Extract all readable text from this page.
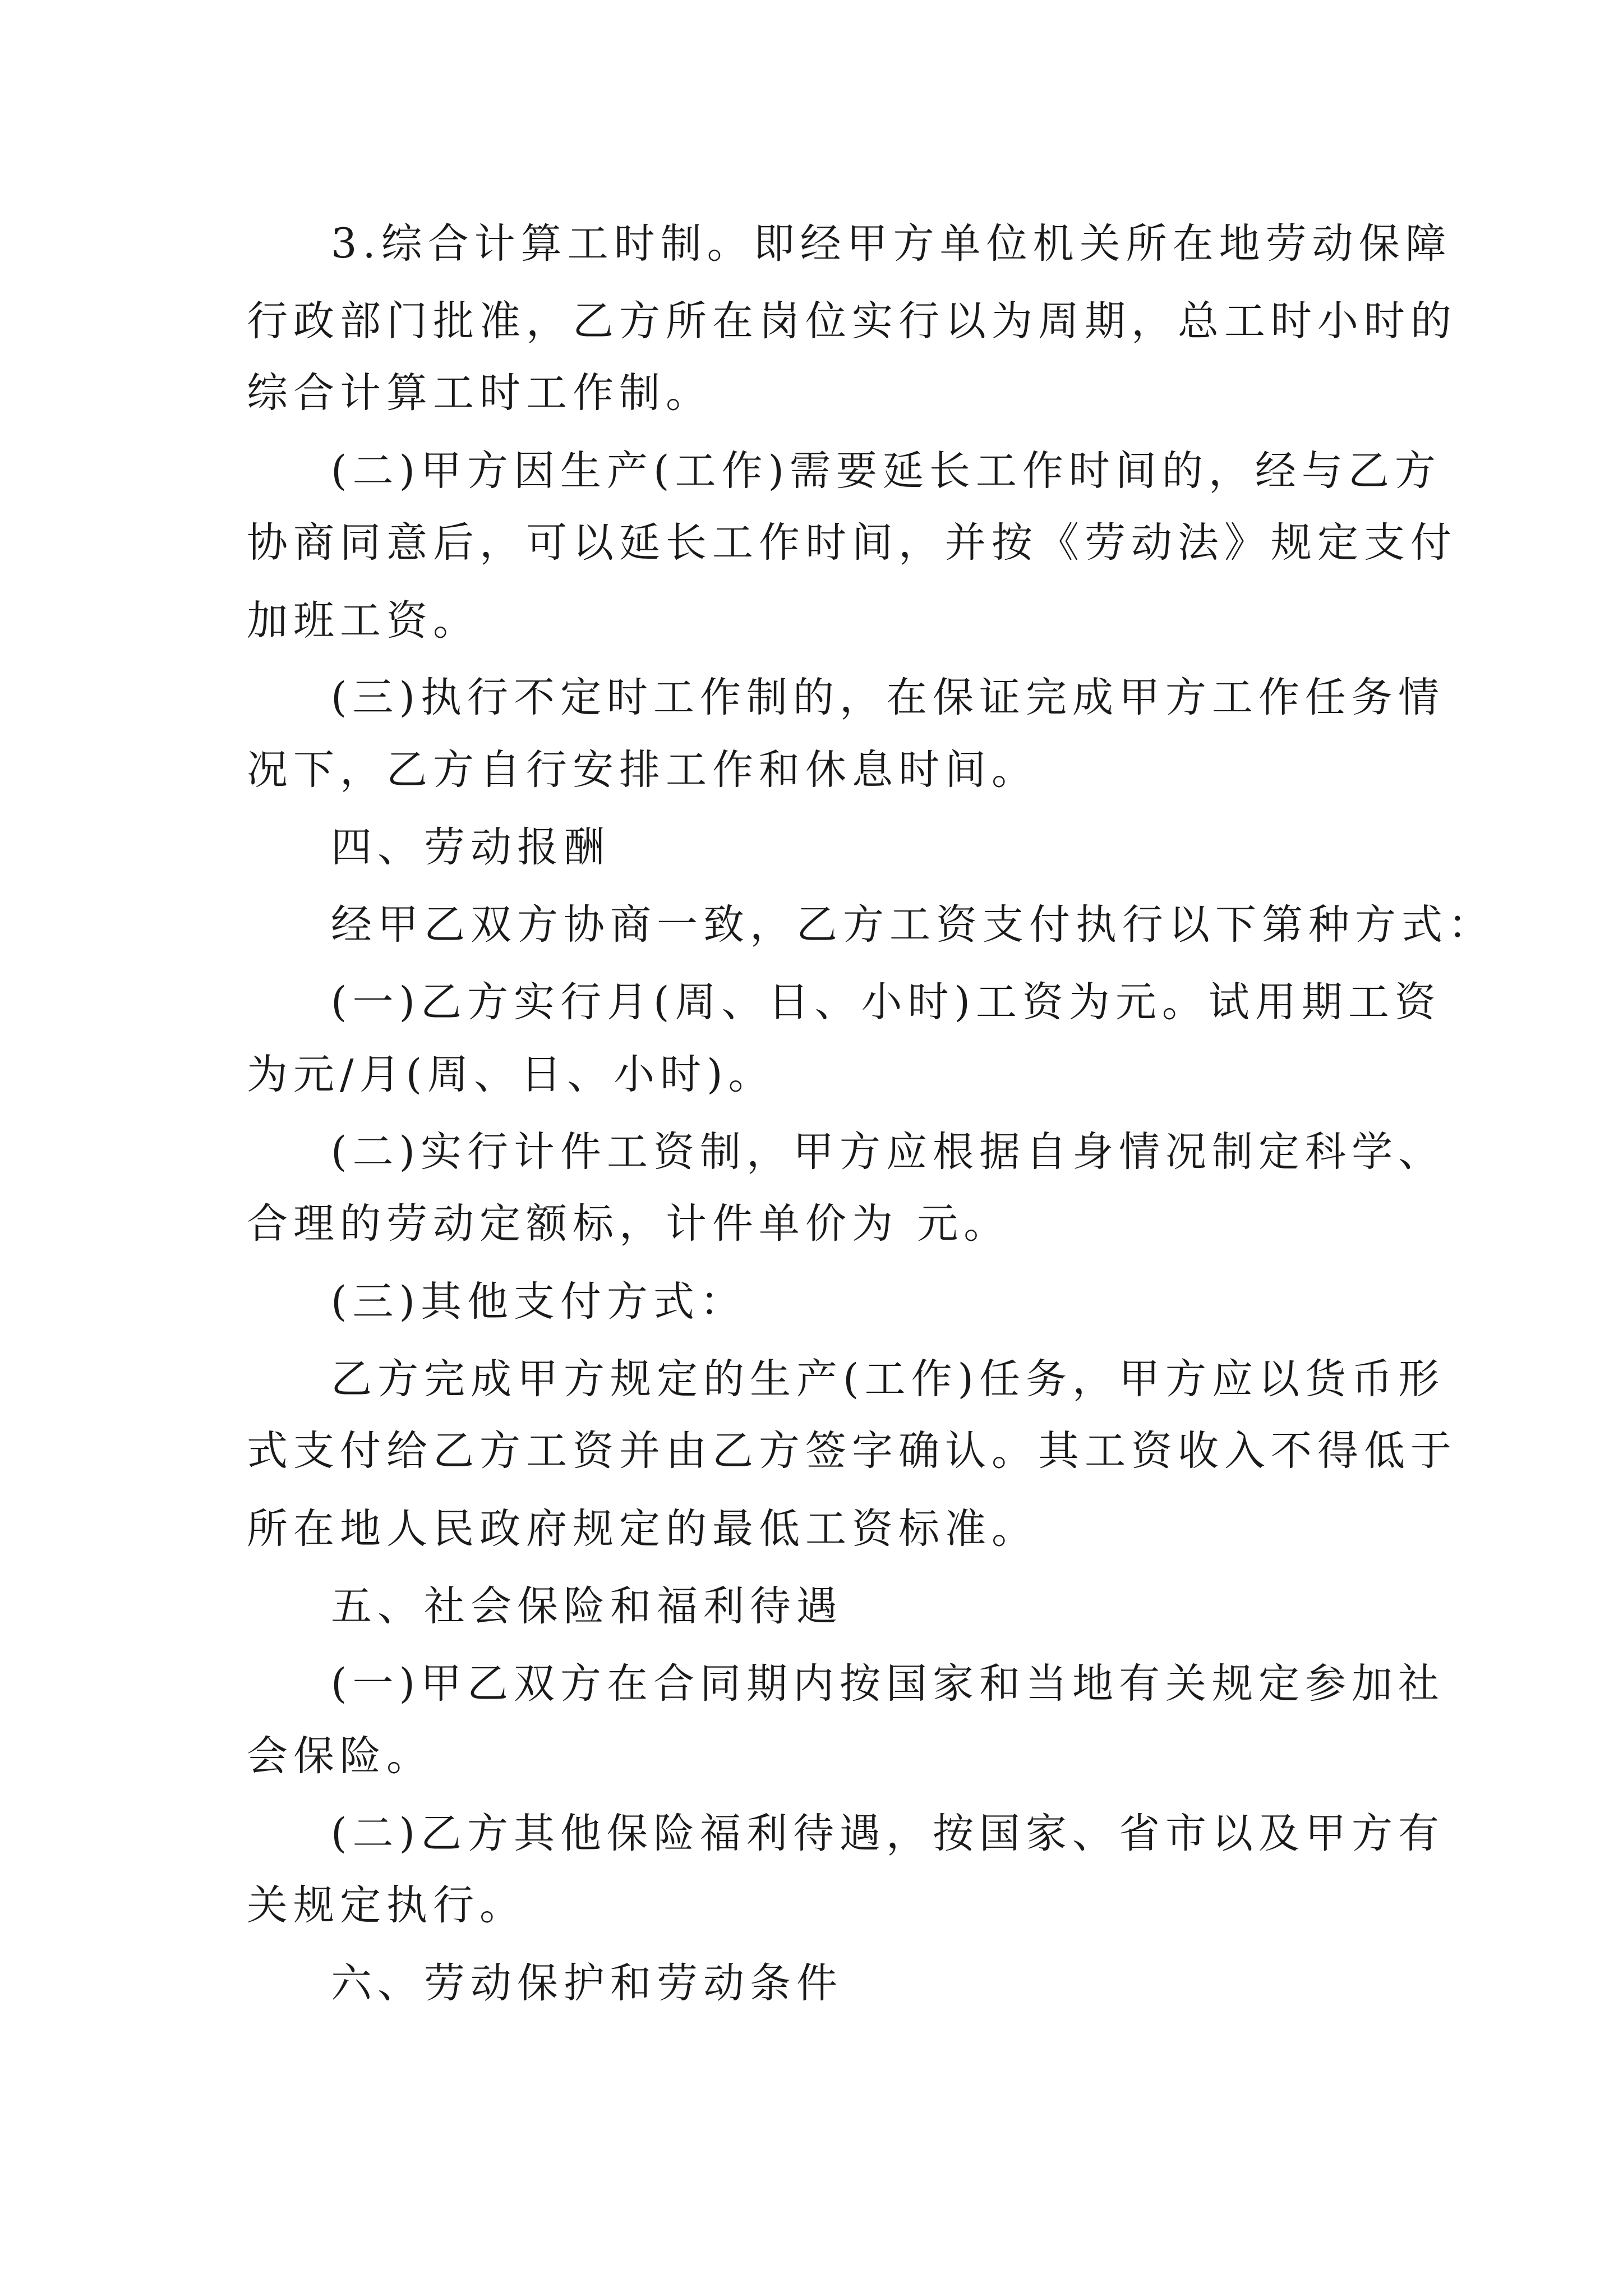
3.综合计算工时制。即经甲方单位机关所在地劳动保障
行政部门批准，乙方所在岗位实行以为周期，总工时小时的
综合计算工时工作制。
(二)甲方因生产(工作)需要延长工作时间的，经与乙方
协商同意后，可以延长工作时间，并按《劳动法》规定支付
加班工资。
(三)执行不定时工作制的，在保证完成甲方工作任务情
况下，乙方自行安排工作和休息时间。
四、劳动报酬
经甲乙双方协商一致，乙方工资支付执行以下第种方式：
(一)乙方实行月(周、日、小时)工资为元。试用期工资
为元/月(周、日、小时)。
(二)实行计件工资制，甲方应根据自身情况制定科学、
合理的劳动定额标，计件单价为 元。
(三)其他支付方式：
乙方完成甲方规定的生产(工作)任务，甲方应以货币形
式支付给乙方工资并由乙方签字确认。其工资收入不得低于
所在地人民政府规定的最低工资标准。
五、社会保险和福利待遇
(一)甲乙双方在合同期内按国家和当地有关规定参加社
会保险。
(二)乙方其他保险福利待遇，按国家、省市以及甲方有
关规定执行。
六、劳动保护和劳动条件
